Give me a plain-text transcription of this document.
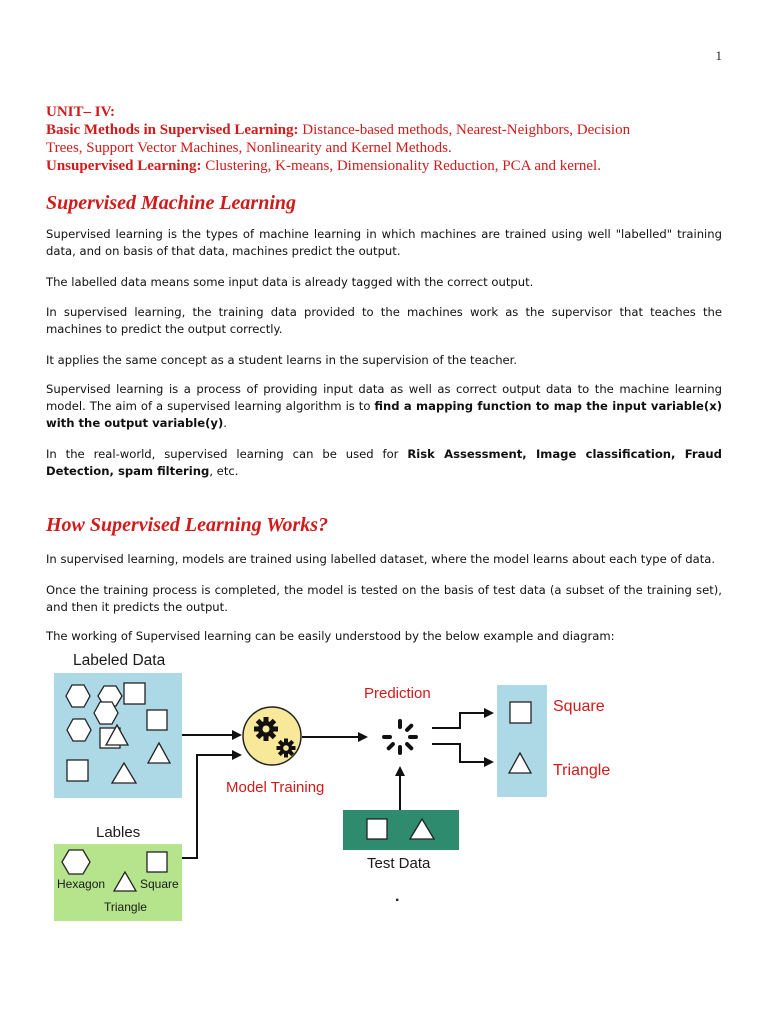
1
UNIT– IV:
Basic Methods in Supervised Learning: Distance-based methods, Nearest-Neighbors, Decision
Trees, Support Vector Machines, Nonlinearity and Kernel Methods.
Unsupervised Learning: Clustering, K-means, Dimensionality Reduction, PCA and kernel.
Supervised Machine Learning
Supervised learning is the types of machine learning in which machines are trained using well "labelled" training data, and on basis of that data, machines predict the output.
The labelled data means some input data is already tagged with the correct output.
In supervised learning, the training data provided to the machines work as the supervisor that teaches the machines to predict the output correctly.
It applies the same concept as a student learns in the supervision of the teacher.
Supervised learning is a process of providing input data as well as correct output data to the machine learning model. The aim of a supervised learning algorithm is to find a mapping function to map the input variable(x) with the output variable(y).
In the real-world, supervised learning can be used for Risk Assessment, Image classification, Fraud Detection, spam filtering, etc.
How Supervised Learning Works?
In supervised learning, models are trained using labelled dataset, where the model learns about each type of data.
Once the training process is completed, the model is tested on the basis of test data (a subset of the training set), and then it predicts the output.
The working of Supervised learning can be easily understood by the below example and diagram:
Labeled Data
Lables
Hexagon	Square
Triangle
Model Training
Prediction
Test Data
Square
Triangle
.
